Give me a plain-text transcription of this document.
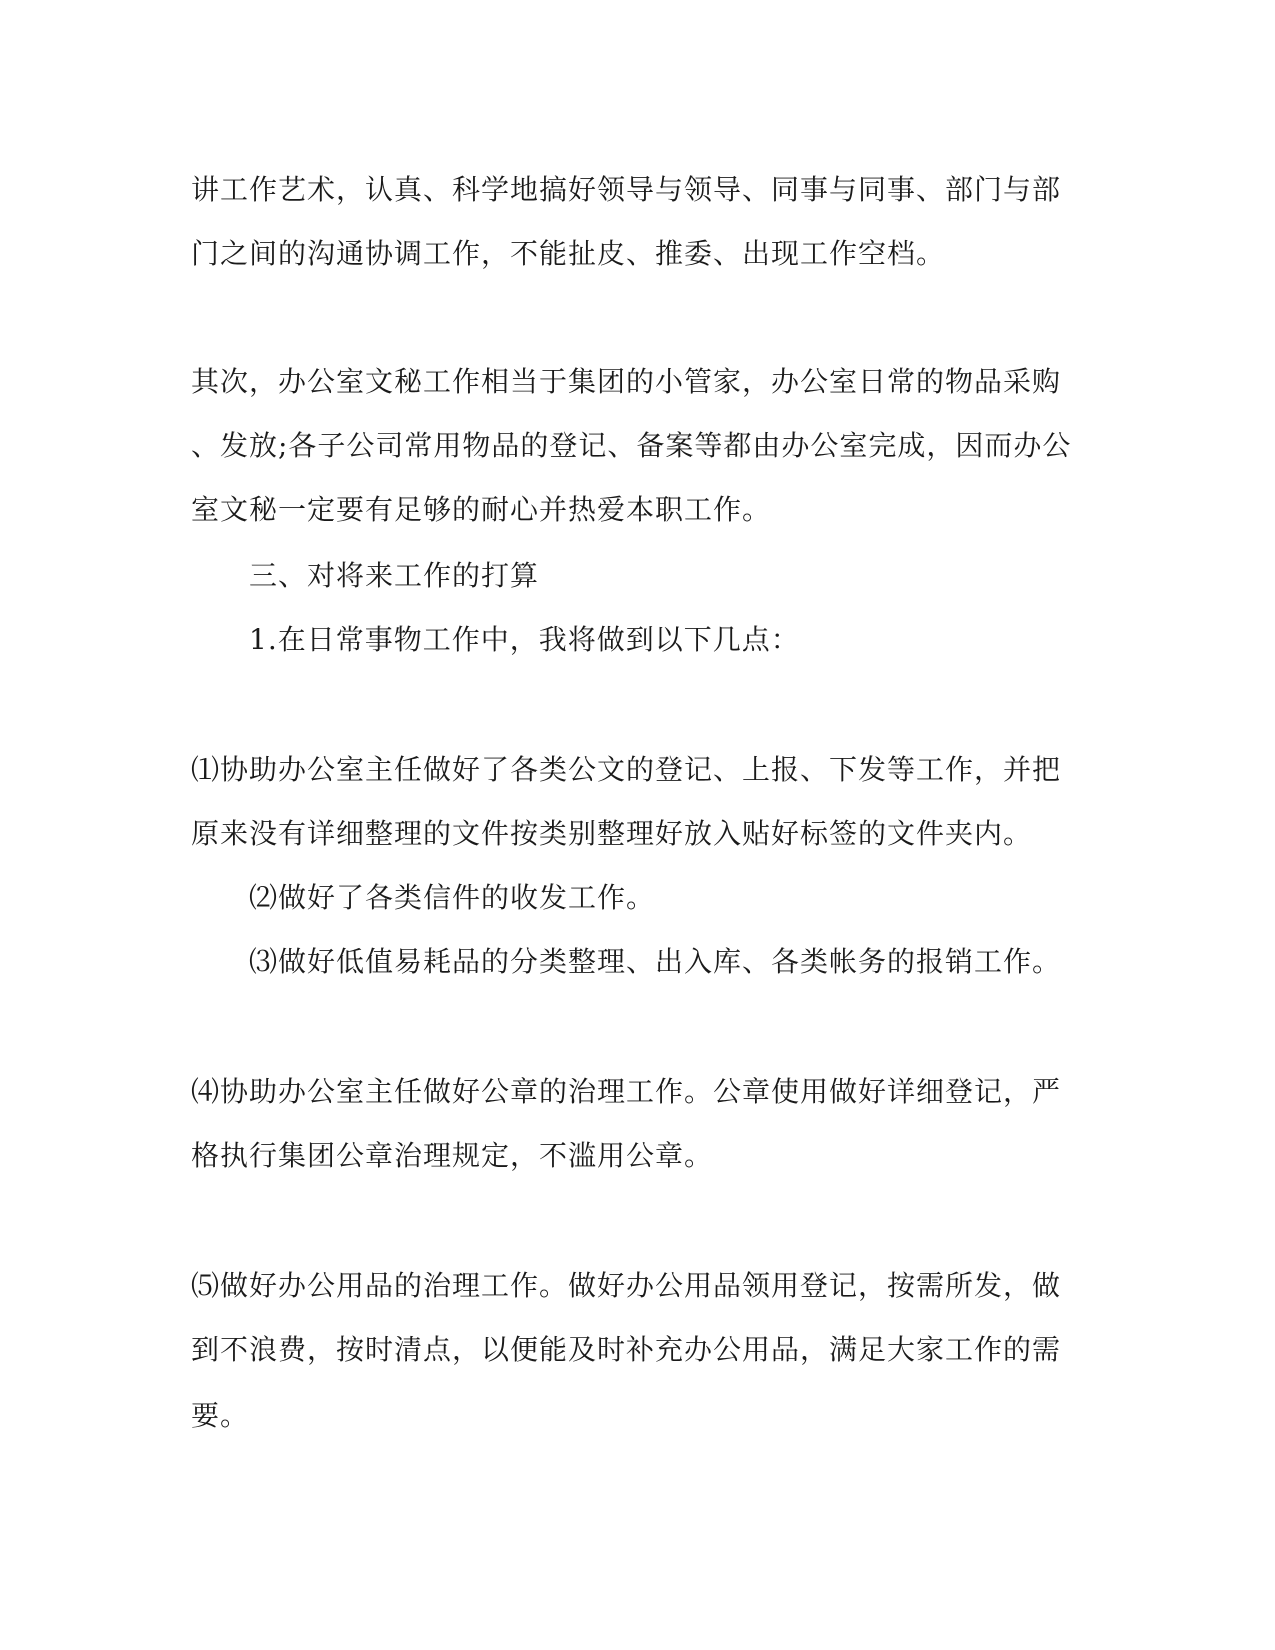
讲工作艺术，认真、科学地搞好领导与领导、同事与同事、部门与部
门之间的沟通协调工作，不能扯皮、推委、出现工作空档。
其次，办公室文秘工作相当于集团的小管家，办公室日常的物品采购
、发放;各子公司常用物品的登记、备案等都由办公室完成，因而办公
室文秘一定要有足够的耐心并热爱本职工作。
三、对将来工作的打算
1.在日常事物工作中，我将做到以下几点：
⑴协助办公室主任做好了各类公文的登记、上报、下发等工作，并把
原来没有详细整理的文件按类别整理好放入贴好标签的文件夹内。
⑵做好了各类信件的收发工作。
⑶做好低值易耗品的分类整理、出入库、各类帐务的报销工作。
⑷协助办公室主任做好公章的治理工作。公章使用做好详细登记，严
格执行集团公章治理规定，不滥用公章。
⑸做好办公用品的治理工作。做好办公用品领用登记，按需所发，做
到不浪费，按时清点，以便能及时补充办公用品，满足大家工作的需
要。
